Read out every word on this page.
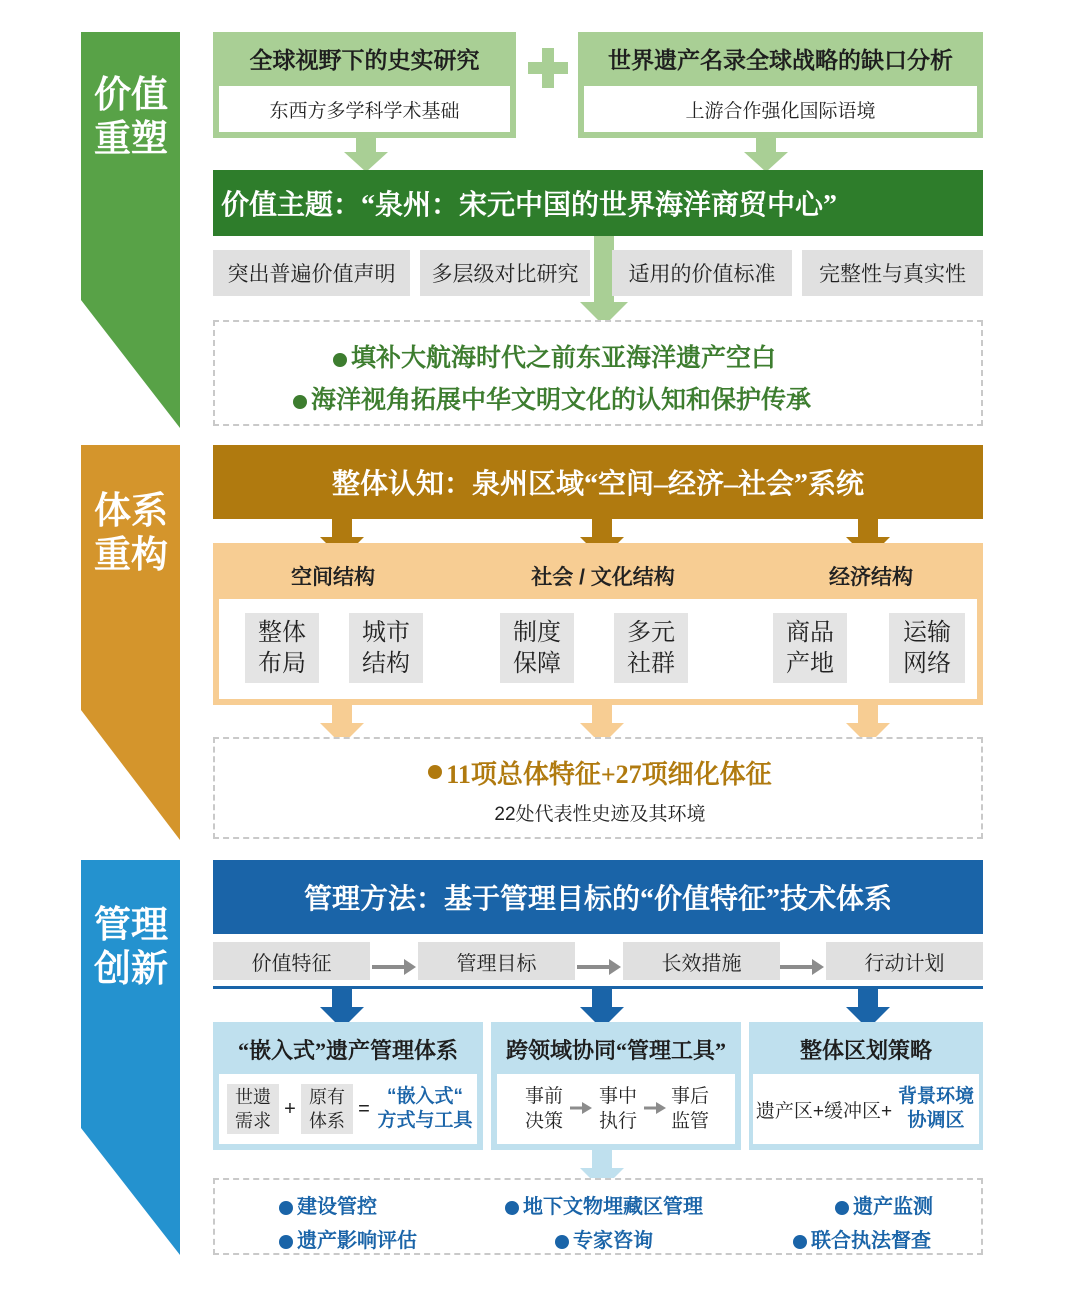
价值
重塑
体系
重构
管理
创新
全球视野下的史实研究
东西方多学科学术基础
世界遗产名录全球战略的缺口分析
上游合作强化国际语境
价值主题：“泉州：宋元中国的世界海洋商贸中心”
突出普遍价值声明	多层级对比研究	适用的价值标准	完整性与真实性
填补大航海时代之前东亚海洋遗产空白
海洋视角拓展中华文明文化的认知和保护传承
整体认知：泉州区域“空间–经济–社会”系统
空间结构	社会 / 文化结构	经济结构
整体
布局
城市
结构
制度
保障
多元
社群
商品
产地
运输
网络
11项总体特征+27项细化体征
22处代表性史迹及其环境
管理方法：基于管理目标的“价值特征”技术体系
价值特征	管理目标	长效措施	行动计划
“嵌入式”遗产管理体系
世遗
需求
+
原有
体系
=
“嵌入式“
方式与工具
跨领域协同“管理工具”
事前
决策
事中
执行
事后
监管
整体区划策略
遗产区+缓冲区+
背景环境
协调区
建设管控	地下文物埋藏区管理	遗产监测
遗产影响评估	专家咨询	联合执法督查
